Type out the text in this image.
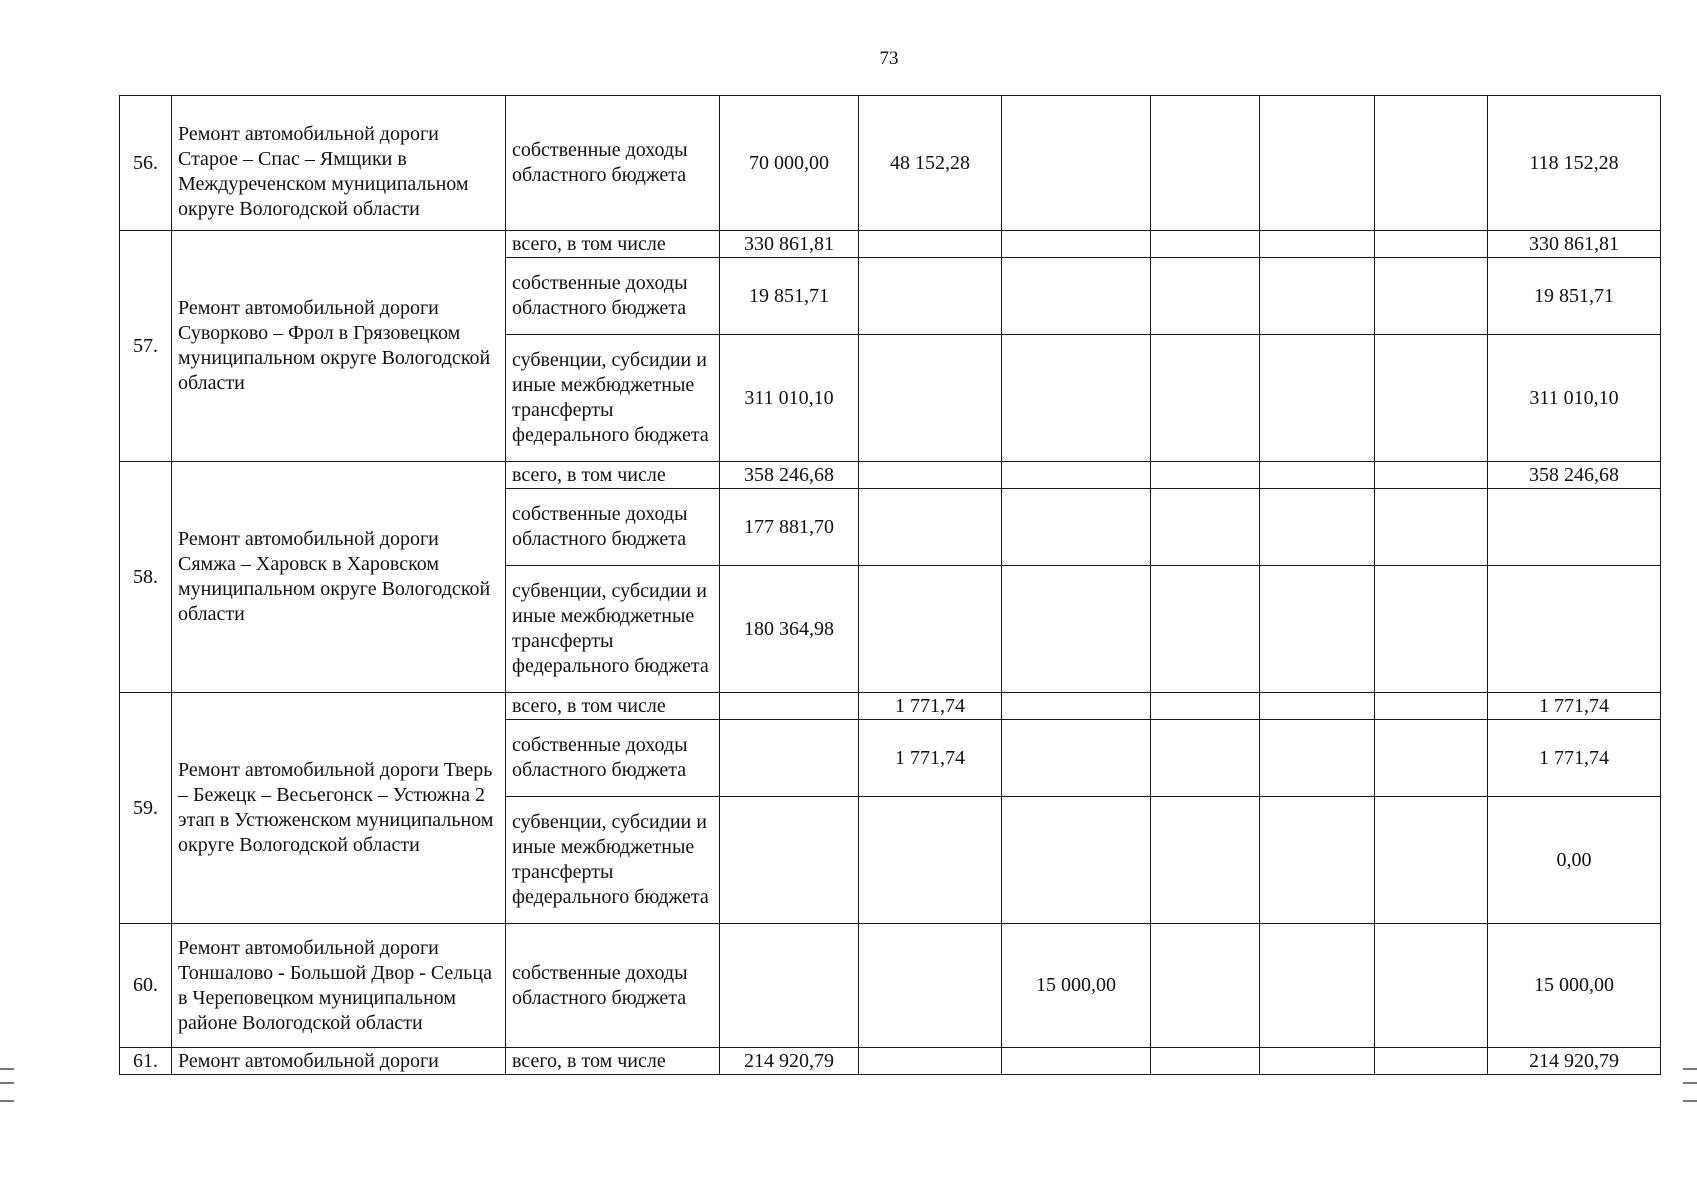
73
56.	Ремонт автомобильной дороги Старое – Спас – Ямщики в Междуреченском муниципальном округе Вологодской области	собственные доходы областного бюджета	70 000,00	48 152,28					118 152,28
57.	Ремонт автомобильной дороги Суворково – Фрол в Грязовецком муниципальном округе Вологодской области	всего, в том числе	330 861,81						330 861,81
		собственные доходы областного бюджета	19 851,71						19 851,71
		субвенции, субсидии и иные межбюджетные трансферты федерального бюджета	311 010,10						311 010,10
58.	Ремонт автомобильной дороги Сямжа – Харовск в Харовском муниципальном округе Вологодской области	всего, в том числе	358 246,68						358 246,68
		собственные доходы областного бюджета	177 881,70						
		субвенции, субсидии и иные межбюджетные трансферты федерального бюджета	180 364,98						
59.	Ремонт автомобильной дороги Тверь – Бежецк – Весьегонск – Устюжна 2 этап в Устюженском муниципальном округе Вологодской области	всего, в том числе		1 771,74					1 771,74
		собственные доходы областного бюджета		1 771,74					1 771,74
		субвенции, субсидии и иные межбюджетные трансферты федерального бюджета							0,00
60.	Ремонт автомобильной дороги Тоншалово - Большой Двор - Сельца в Череповецком муниципальном районе Вологодской области	собственные доходы областного бюджета			15 000,00				15 000,00
61.	Ремонт автомобильной дороги	всего, в том числе	214 920,79						214 920,79
